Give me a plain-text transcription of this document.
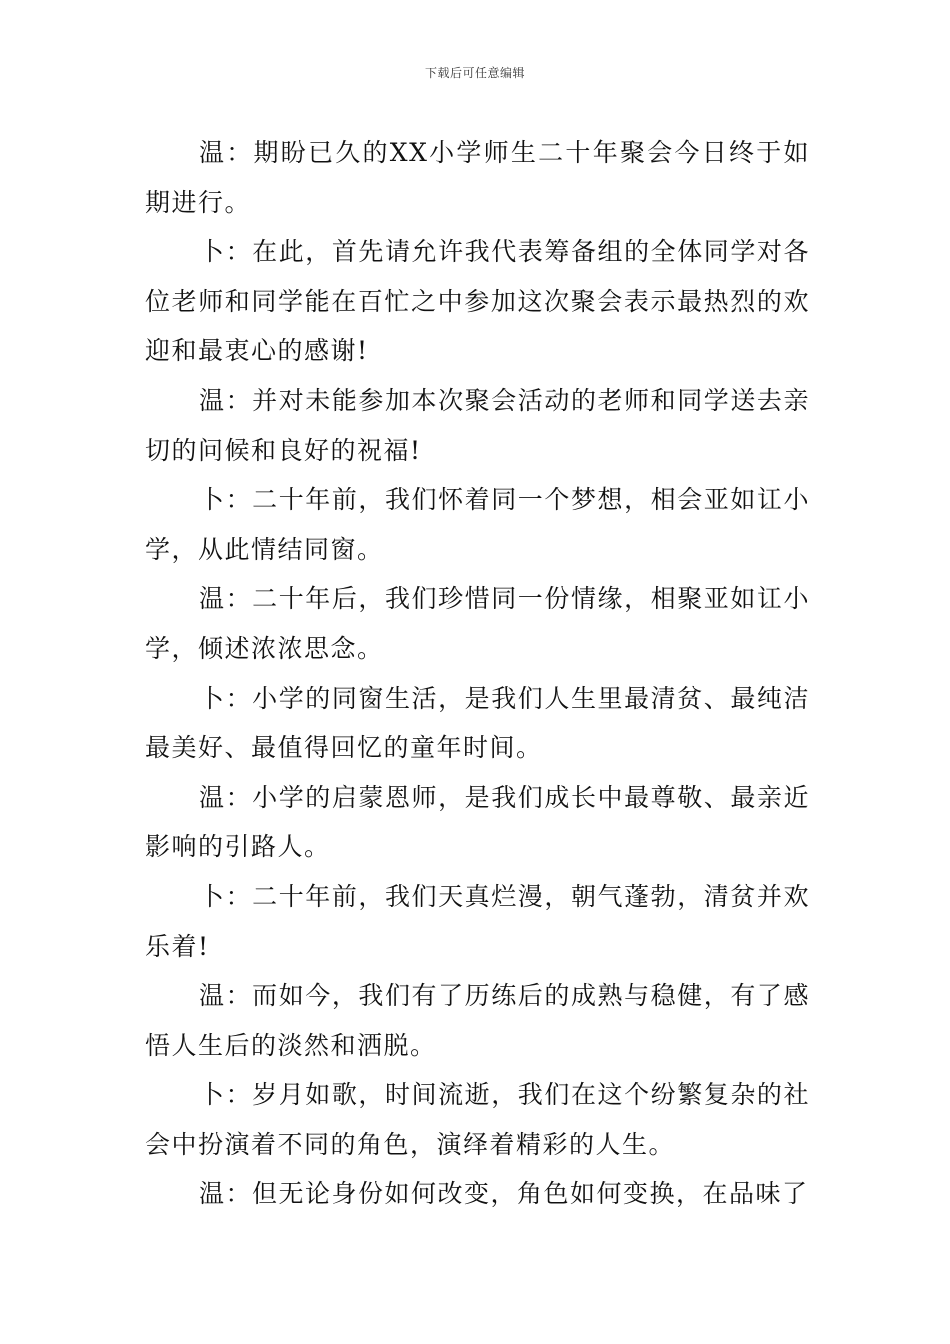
下载后可任意编辑

温：期盼已久的XX小学师生二十年聚会今日终于如期进行。

卜：在此，首先请允许我代表筹备组的全体同学对各位老师和同学能在百忙之中参加这次聚会表示最热烈的欢迎和最衷心的感谢!

温：并对未能参加本次聚会活动的老师和同学送去亲切的问候和良好的祝福!

卜：二十年前，我们怀着同一个梦想，相会亚如讧小学，从此情结同窗。

温：二十年后，我们珍惜同一份情缘，相聚亚如讧小学，倾述浓浓思念。

卜：小学的同窗生活，是我们人生里最清贫、最纯洁最美好、最值得回忆的童年时间。

温：小学的启蒙恩师，是我们成长中最尊敬、最亲近影响的引路人。

卜：二十年前，我们天真烂漫，朝气蓬勃，清贫并欢乐着!

温：而如今，我们有了历练后的成熟与稳健，有了感悟人生后的淡然和洒脱。

卜：岁月如歌，时间流逝，我们在这个纷繁复杂的社会中扮演着不同的角色，演绎着精彩的人生。

温：但无论身份如何改变，角色如何变换，在品味了
